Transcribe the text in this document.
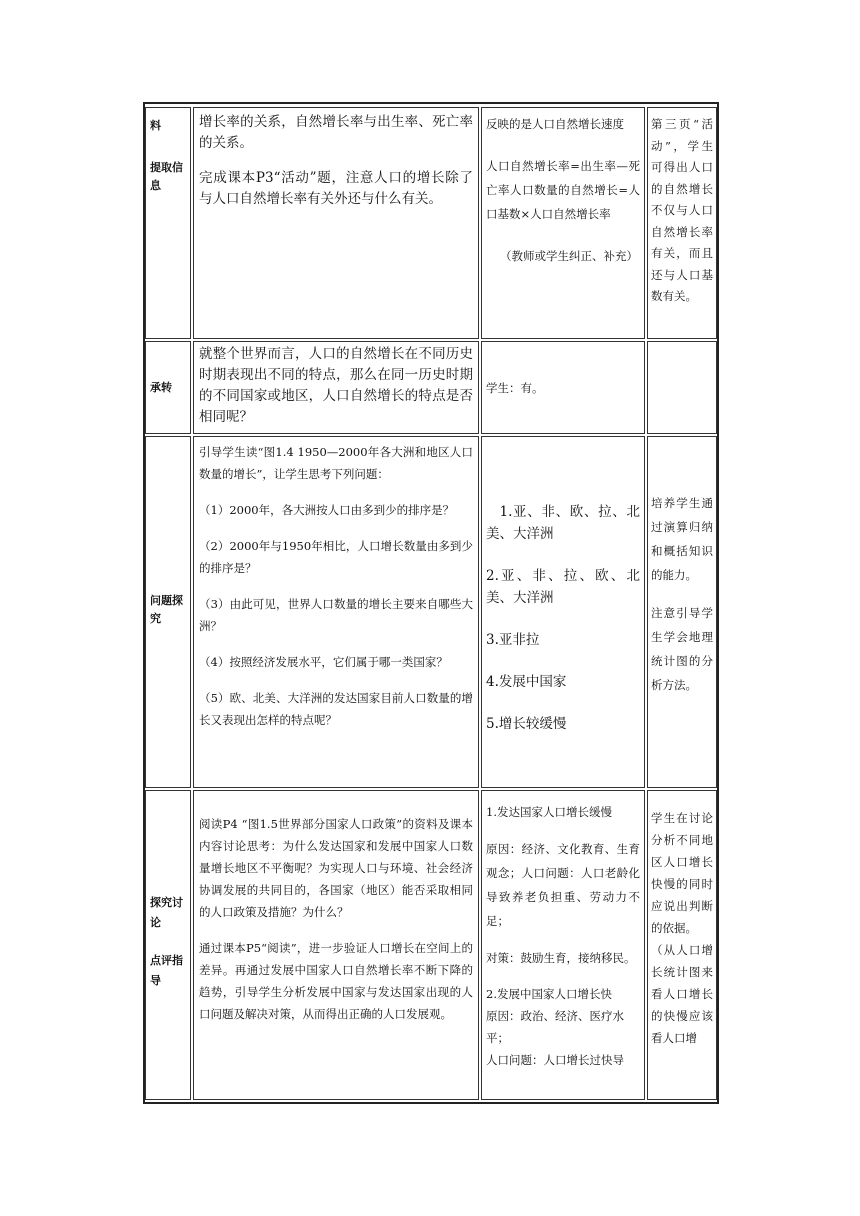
料
提取信
息

增长率的关系，自然增长率与出生率、死亡率的关系。

完成课本P3“活动”题，注意人口的增长除了与人口自然增长率有关外还与什么有关。

反映的是人口自然增长速度

人口自然增长率=出生率—死亡率人口数量的自然增长=人口基数×人口自然增长率

（教师或学生纠正、补充）

第三页“活动”，学生可得出人口的自然增长不仅与人口自然增长率有关，而且还与人口基数有关。

承转

就整个世界而言，人口的自然增长在不同历史时期表现出不同的特点，那么在同一历史时期的不同国家或地区，人口自然增长的特点是否相同呢？

学生：有。

问题探
究

引导学生读“图1.4 1950—2000年各大洲和地区人口数量的增长”，让学生思考下列问题：

（1）2000年，各大洲按人口由多到少的排序是？

（2）2000年与1950年相比，人口增长数量由多到少的排序是？

（3）由此可见，世界人口数量的增长主要来自哪些大洲？

（4）按照经济发展水平，它们属于哪一类国家？

（5）欧、北美、大洋洲的发达国家目前人口数量的增长又表现出怎样的特点呢？

1.亚、非、欧、拉、北美、大洋洲

2.亚、非、拉、欧、北美、大洋洲

3.亚非拉

4.发展中国家

5.增长较缓慢

培养学生通过演算归纳和概括知识的能力。

注意引导学生学会地理统计图的分析方法。

探究讨
论
点评指
导

阅读P4 “图1.5世界部分国家人口政策”的资料及课本内容讨论思考：为什么发达国家和发展中国家人口数量增长地区不平衡呢？为实现人口与环境、社会经济协调发展的共同目的，各国家（地区）能否采取相同的人口政策及措施？为什么？

通过课本P5“阅读”，进一步验证人口增长在空间上的差异。再通过发展中国家人口自然增长率不断下降的趋势，引导学生分析发展中国家与发达国家出现的人口问题及解决对策，从而得出正确的人口发展观。

1.发达国家人口增长缓慢

原因：经济、文化教育、生育观念；人口问题：人口老龄化导致养老负担重、劳动力不足；

对策：鼓励生育，接纳移民。

2.发展中国家人口增长快

原因：政治、经济、医疗水平；

人口问题：人口增长过快导

学生在讨论分析不同地区人口增长快慢的同时应说出判断的依据。

（从人口增长统计图来看人口增长的快慢应该看人口增
